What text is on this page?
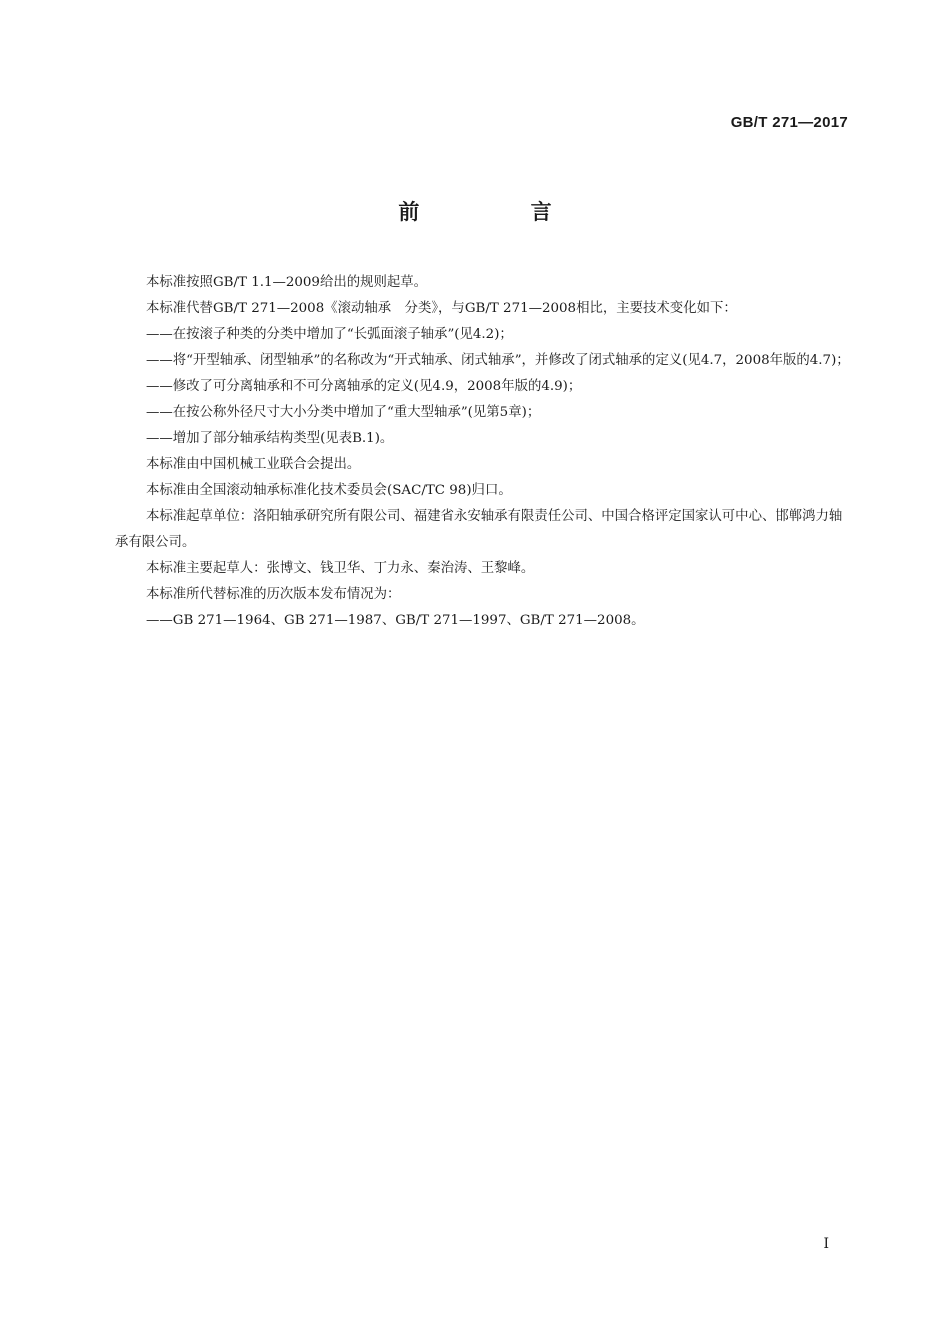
GB/T 271—2017
前 言

本标准按照GB/T 1.1—2009给出的规则起草。

本标准代替GB/T 271—2008《滚动轴承　分类》，与GB/T 271—2008相比，主要技术变化如下：

——在按滚子种类的分类中增加了“长弧面滚子轴承”(见4.2)；

——将“开型轴承、闭型轴承”的名称改为“开式轴承、闭式轴承”，并修改了闭式轴承的定义(见4.7，2008年版的4.7)；

——修改了可分离轴承和不可分离轴承的定义(见4.9，2008年版的4.9)；

——在按公称外径尺寸大小分类中增加了“重大型轴承”(见第5章)；

——增加了部分轴承结构类型(见表B.1)。

本标准由中国机械工业联合会提出。

本标准由全国滚动轴承标准化技术委员会(SAC/TC 98)归口。

本标准起草单位：洛阳轴承研究所有限公司、福建省永安轴承有限责任公司、中国合格评定国家认可中心、邯郸鸿力轴承有限公司。

本标准主要起草人：张博文、钱卫华、丁力永、秦治涛、王黎峰。

本标准所代替标准的历次版本发布情况为：

——GB 271—1964、GB 271—1987、GB/T 271—1997、GB/T 271—2008。

I
